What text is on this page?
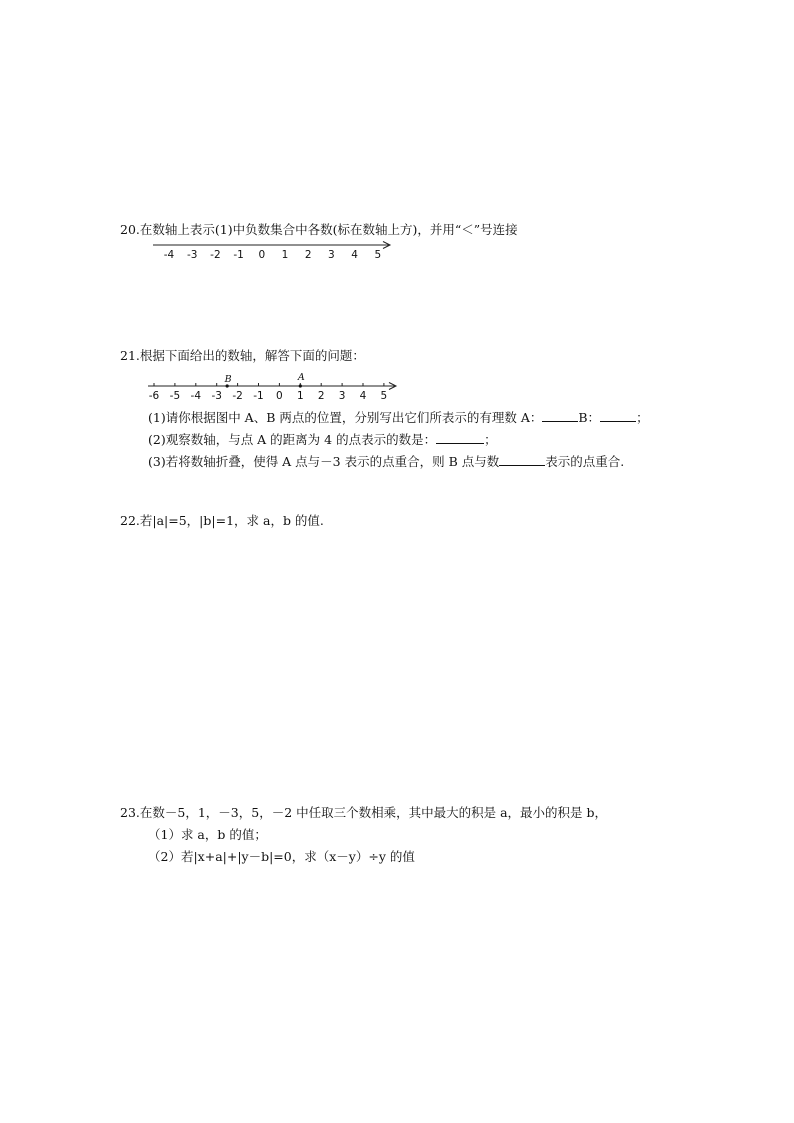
20.在数轴上表示(1)中负数集合中各数(标在数轴上方)，并用“＜”号连接
-4 -3 -2 -1 0 1 2 3 4 5
21.根据下面给出的数轴，解答下面的问题：
-6 -5 -4 -3 -2 -1 0 1 2 3 4 5
B	A
(1)请你根据图中 A、B 两点的位置，分别写出它们所表示的有理数 A：	B：	；
(2)观察数轴，与点 A 的距离为 4 的点表示的数是：	；
(3)若将数轴折叠，使得 A 点与－3 表示的点重合，则 B 点与数	表示的点重合.
22.若|a|=5，|b|=1，求 a，b 的值.
23.在数－5，1，－3，5，－2 中任取三个数相乘，其中最大的积是 a，最小的积是 b，
（1）求 a，b 的值；
（2）若|x+a|+|y－b|=0，求（x－y）÷y 的值
